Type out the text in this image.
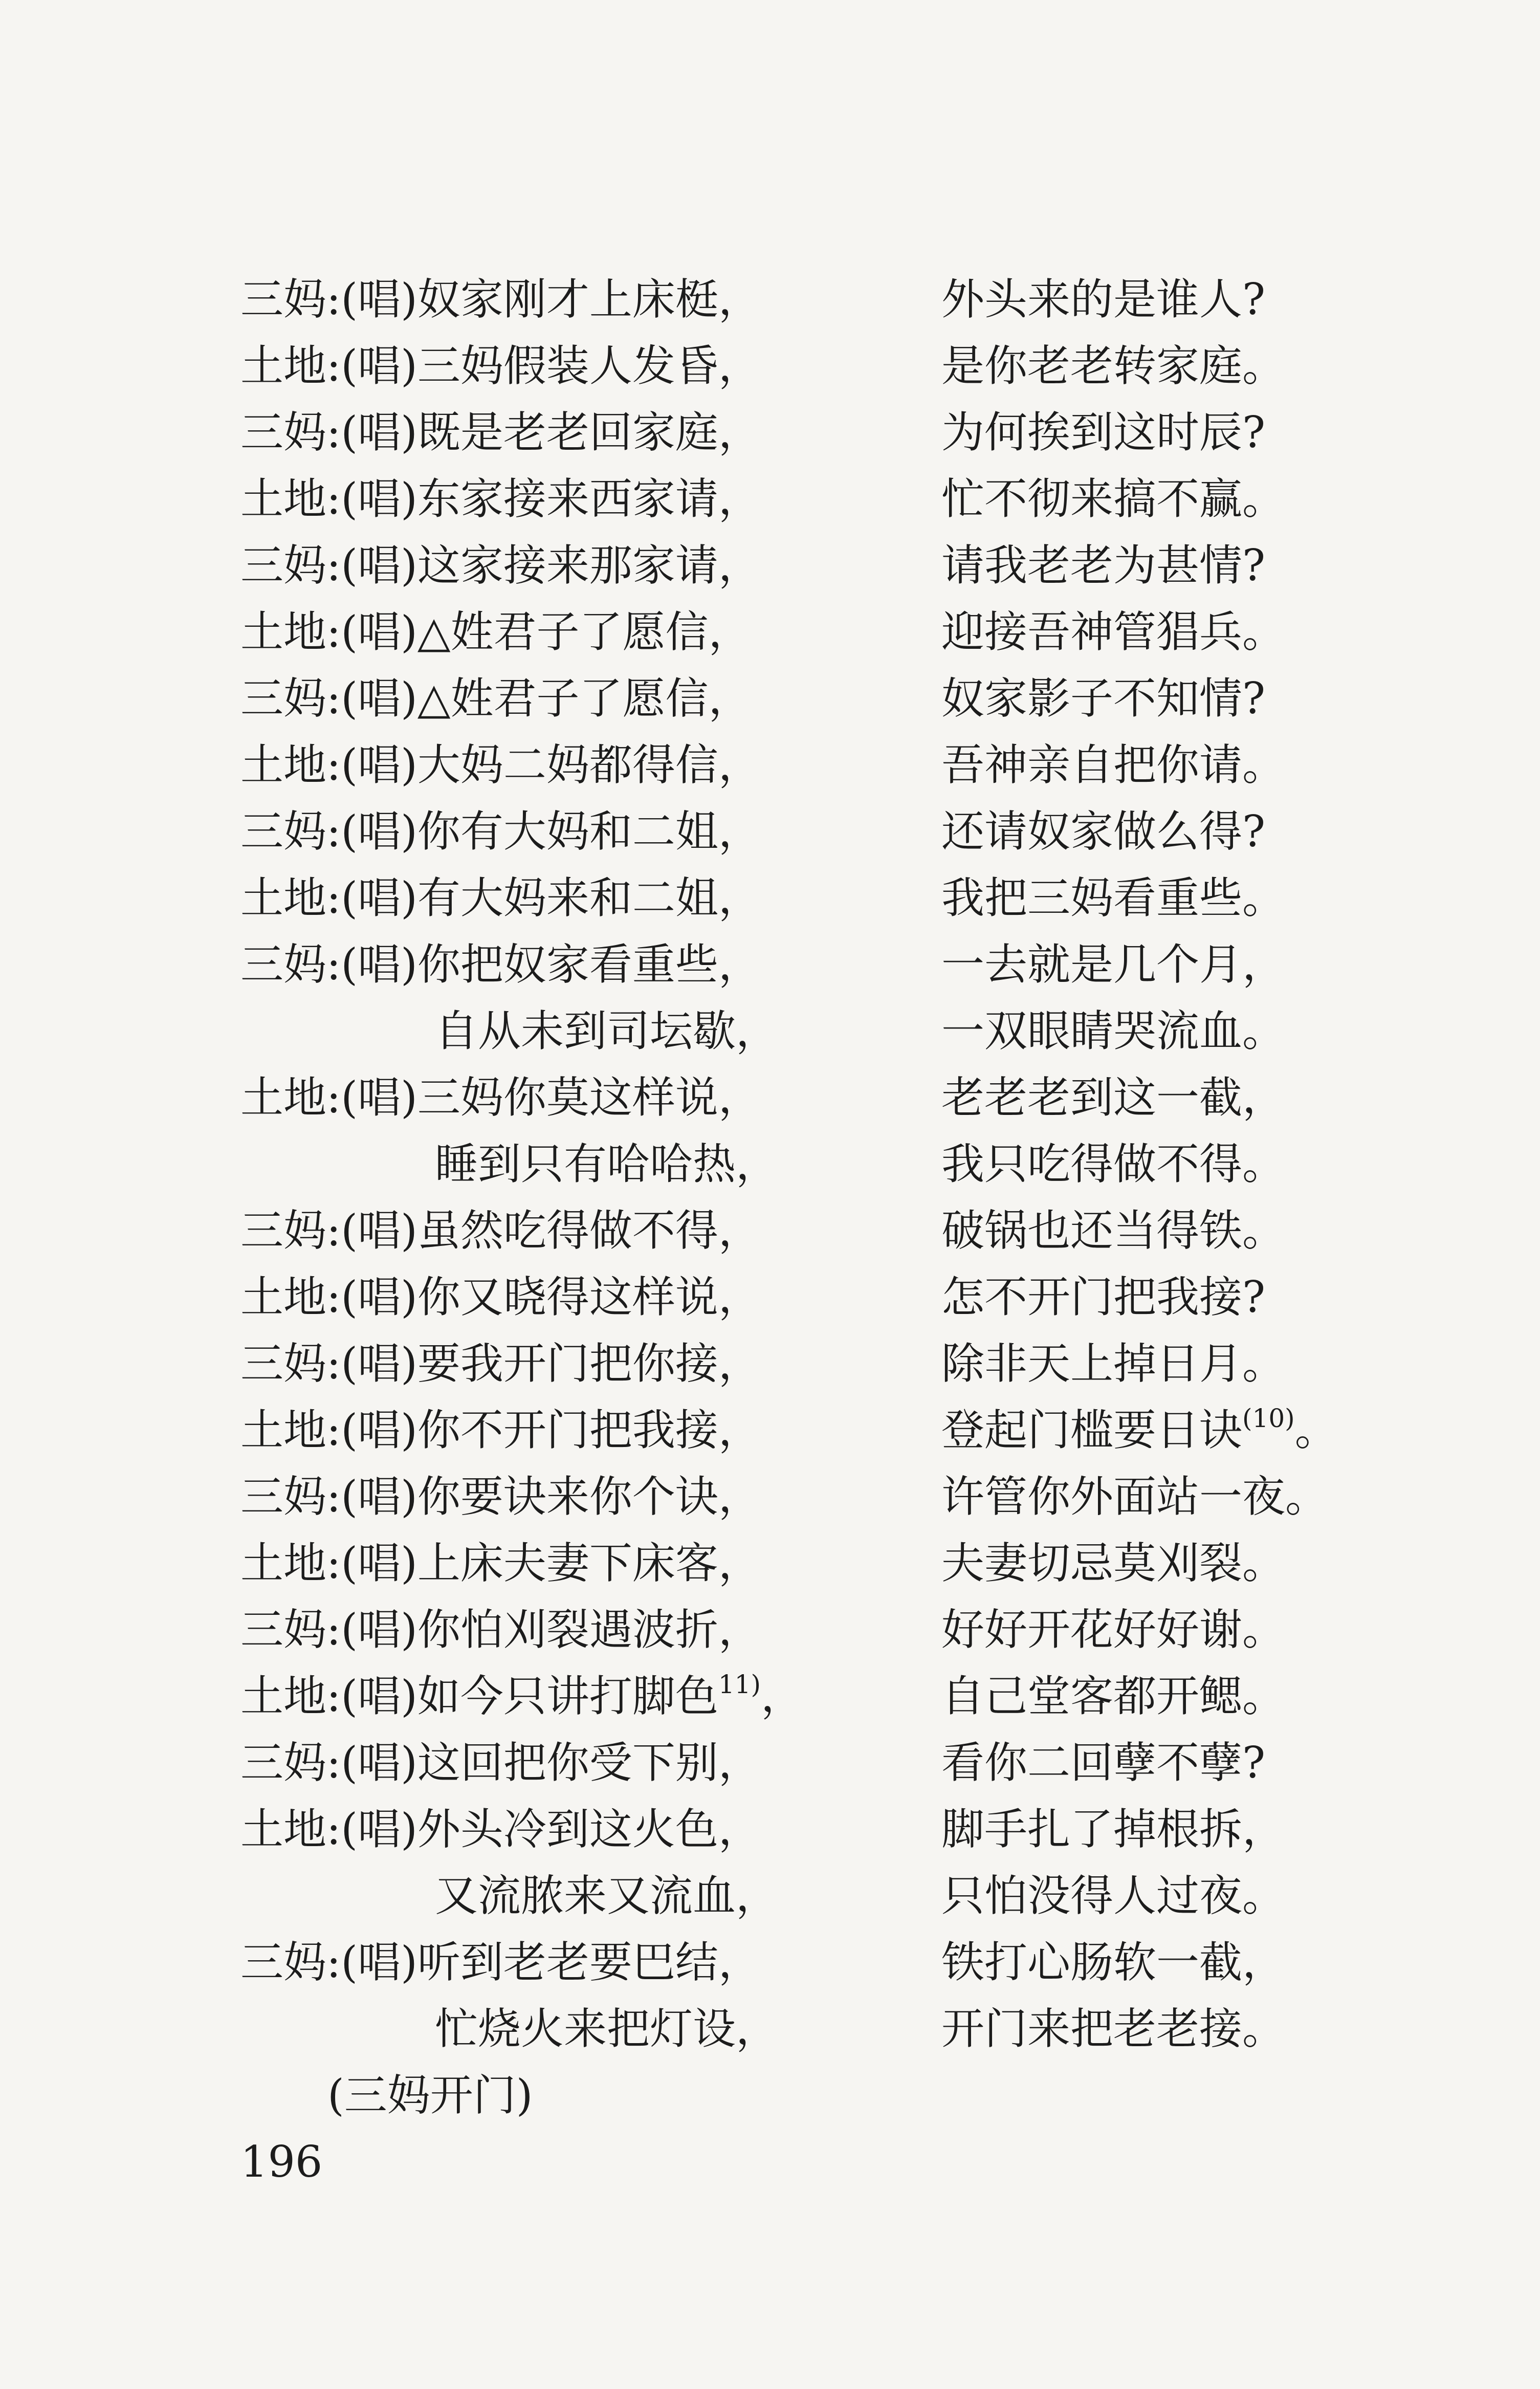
三妈:(唱)奴家刚才上床梃，	外头来的是谁人?
土地:(唱)三妈假装人发昏，	是你老老转家庭。
三妈:(唱)既是老老回家庭，	为何挨到这时辰?
土地:(唱)东家接来西家请，	忙不彻来搞不赢。
三妈:(唱)这家接来那家请，	请我老老为甚情?
土地:(唱)△姓君子了愿信，	迎接吾神管猖兵。
三妈:(唱)△姓君子了愿信，	奴家影子不知情?
土地:(唱)大妈二妈都得信，	吾神亲自把你请。
三妈:(唱)你有大妈和二姐，	还请奴家做么得?
土地:(唱)有大妈来和二姐，	我把三妈看重些。
三妈:(唱)你把奴家看重些，	一去就是几个月，
自从未到司坛歇，	一双眼睛哭流血。
土地:(唱)三妈你莫这样说，	老老老到这一截，
睡到只有哈哈热，	我只吃得做不得。
三妈:(唱)虽然吃得做不得，	破锅也还当得铁。
土地:(唱)你又晓得这样说，	怎不开门把我接?
三妈:(唱)要我开门把你接，	除非天上掉日月。
土地:(唱)你不开门把我接，	登起门槛要日诀$^{(10)}$。
三妈:(唱)你要诀来你个诀，	许管你外面站一夜。
土地:(唱)上床夫妻下床客，	夫妻切忌莫刈裂。
三妈:(唱)你怕刈裂遇波折，	好好开花好好谢。
土地:(唱)如今只讲打脚色$^{11)}$，	自己堂客都开鳃。
三妈:(唱)这回把你受下别，	看你二回孽不孽?
土地:(唱)外头冷到这火色，	脚手扎了掉根拆，
又流脓来又流血，	只怕没得人过夜。
三妈:(唱)听到老老要巴结，	铁打心肠软一截，
忙烧火来把灯设，	开门来把老老接。
(三妈开门)
196
